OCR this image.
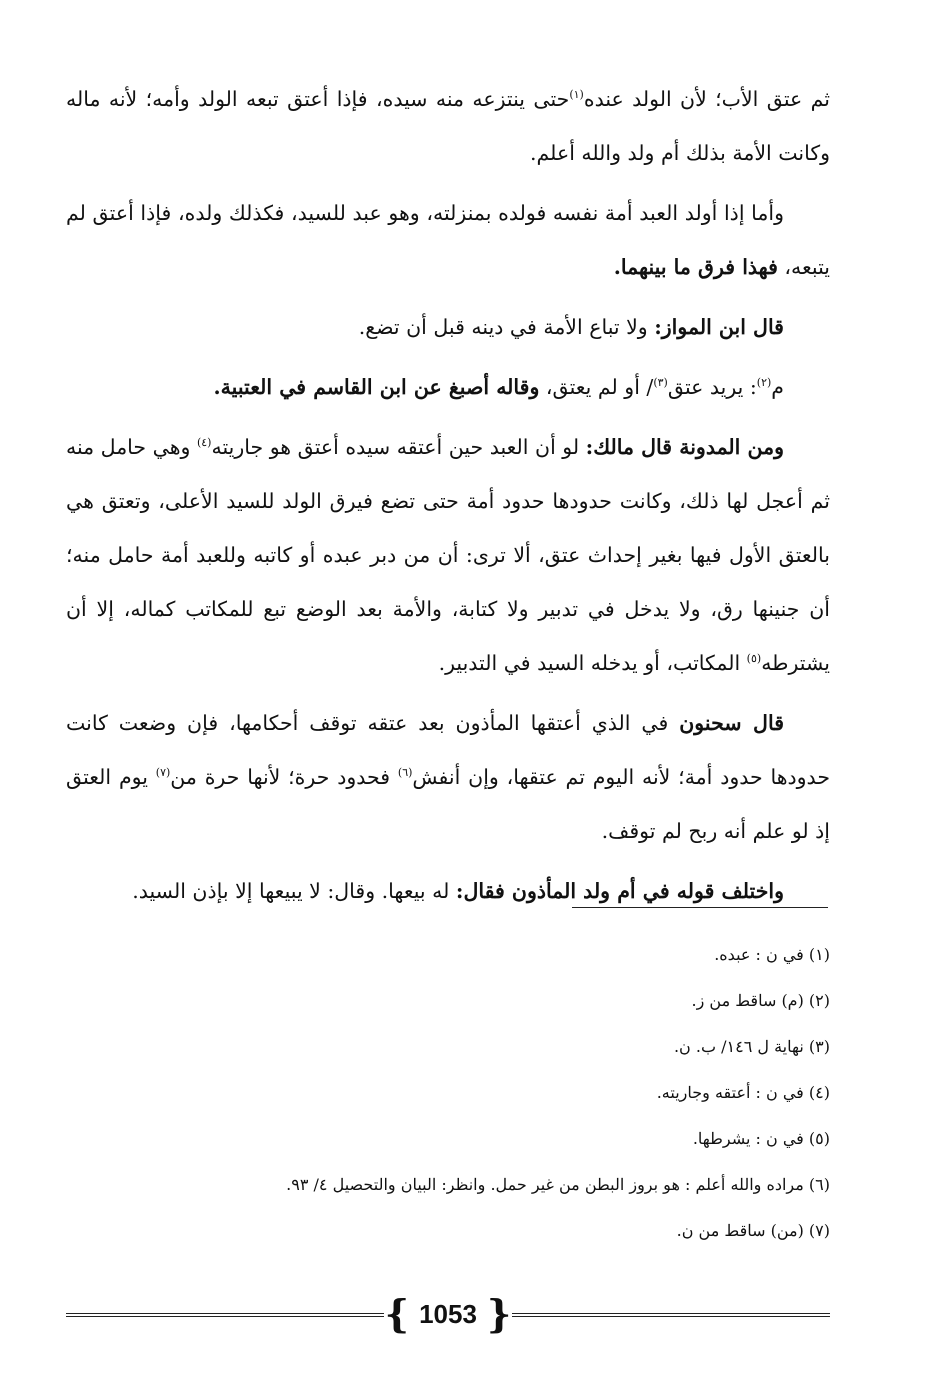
ثم عتق الأب؛ لأن الولد عنده$^{(١)}$حتى ينتزعه منه سيده، فإذا أعتق تبعه الولد وأمه؛ لأنه ماله وكانت الأمة بذلك أم ولد والله أعلم.

وأما إذا أولد العبد أمة نفسه فولده بمنزلته، وهو عبد للسيد، فكذلك ولده، فإذا أعتق لم يتبعه، فهذا فرق ما بينهما.

قال ابن المواز: ولا تباع الأمة في دينه قبل أن تضع.

م$^{(٢)}$: يريد عتق$^{(٣)}$/ أو لم يعتق، وقاله أصبغ عن ابن القاسم في العتبية.

ومن المدونة قال مالك: لو أن العبد حين أعتقه سيده أعتق هو جاريته$^{(٤)}$ وهي حامل منه ثم أعجل لها ذلك، وكانت حدودها حدود أمة حتى تضع فيرق الولد للسيد الأعلى، وتعتق هي بالعتق الأول فيها بغير إحداث عتق، ألا ترى: أن من دبر عبده أو كاتبه وللعبد أمة حامل منه؛ أن جنينها رق، ولا يدخل في تدبير ولا كتابة، والأمة بعد الوضع تبع للمكاتب كماله، إلا أن يشترطه$^{(٥)}$ المكاتب، أو يدخله السيد في التدبير.

قال سحنون في الذي أعتقها المأذون بعد عتقه توقف أحكامها، فإن وضعت كانت حدودها حدود أمة؛ لأنه اليوم تم عتقها، وإن أنفش$^{(٦)}$ فحدود حرة؛ لأنها حرة من$^{(٧)}$ يوم العتق إذ لو علم أنه ربح لم توقف.

واختلف قوله في أم ولد المأذون فقال: له بيعها. وقال: لا يبيعها إلا بإذن السيد.

(١) في ن : عبده.

(٢) (م) ساقط من ز.

(٣) نهاية ل ١٤٦/ ب. ن.

(٤) في ن : أعتقه وجاريته.

(٥) في ن : يشرطها.

(٦) مراده والله أعلم : هو بروز البطن من غير حمل. وانظر: البيان والتحصيل ٤/ ٩٣.

(٧) (من) ساقط من ن.

{ 1053 }
